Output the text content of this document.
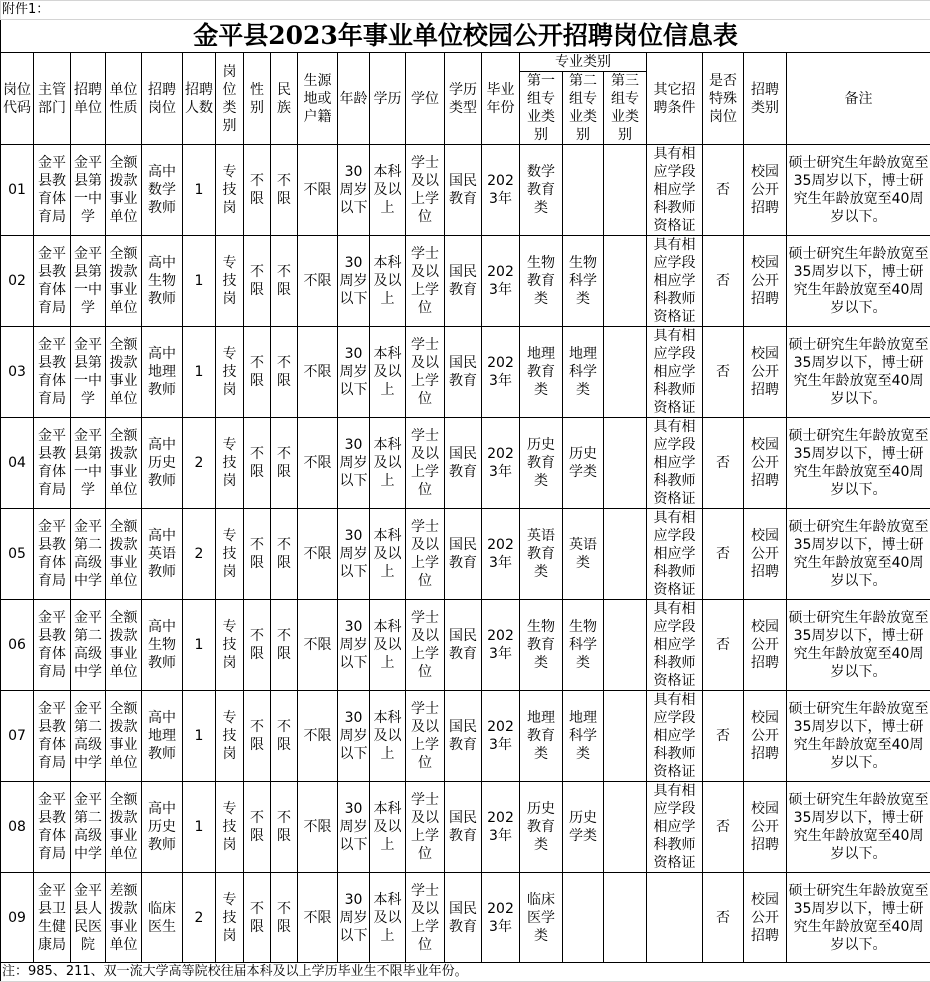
附件1：																					
金平县2023年事业单位校园公开招聘岗位信息表																					
岗位代码	主管部门	招聘单位	单位性质	招聘岗位	招聘人数	岗位类别	性别	民族	生源地或户籍	年龄	学历	学位	学历类型	毕业年份	专业类别			其它招聘条件	是否特殊岗位	招聘类别	备注
															第一组专业类别	第二组专业类别	第三组专业类别				
01	金平县教育体育局	金平县第一中学	全额拨款事业单位	高中数学教师	1	专技岗	不限	不限	不限	30周岁以下	本科及以上	学士及以上学位	国民教育	2023年	数学教育类			具有相应学段相应学科教师资格证	否	校园公开招聘	硕士研究生年龄放宽至35周岁以下，博士研究生年龄放宽至40周岁以下。
02	金平县教育体育局	金平县第一中学	全额拨款事业单位	高中生物教师	1	专技岗	不限	不限	不限	30周岁以下	本科及以上	学士及以上学位	国民教育	2023年	生物教育类	生物科学类		具有相应学段相应学科教师资格证	否	校园公开招聘	硕士研究生年龄放宽至35周岁以下，博士研究生年龄放宽至40周岁以下。
03	金平县教育体育局	金平县第一中学	全额拨款事业单位	高中地理教师	1	专技岗	不限	不限	不限	30周岁以下	本科及以上	学士及以上学位	国民教育	2023年	地理教育类	地理科学类		具有相应学段相应学科教师资格证	否	校园公开招聘	硕士研究生年龄放宽至35周岁以下，博士研究生年龄放宽至40周岁以下。
04	金平县教育体育局	金平县第一中学	全额拨款事业单位	高中历史教师	2	专技岗	不限	不限	不限	30周岁以下	本科及以上	学士及以上学位	国民教育	2023年	历史教育类	历史学类		具有相应学段相应学科教师资格证	否	校园公开招聘	硕士研究生年龄放宽至35周岁以下，博士研究生年龄放宽至40周岁以下。
05	金平县教育体育局	金平第二高级中学	全额拨款事业单位	高中英语教师	2	专技岗	不限	不限	不限	30周岁以下	本科及以上	学士及以上学位	国民教育	2023年	英语教育类	英语类		具有相应学段相应学科教师资格证	否	校园公开招聘	硕士研究生年龄放宽至35周岁以下，博士研究生年龄放宽至40周岁以下。
06	金平县教育体育局	金平第二高级中学	全额拨款事业单位	高中生物教师	1	专技岗	不限	不限	不限	30周岁以下	本科及以上	学士及以上学位	国民教育	2023年	生物教育类	生物科学类		具有相应学段相应学科教师资格证	否	校园公开招聘	硕士研究生年龄放宽至35周岁以下，博士研究生年龄放宽至40周岁以下。
07	金平县教育体育局	金平第二高级中学	全额拨款事业单位	高中地理教师	1	专技岗	不限	不限	不限	30周岁以下	本科及以上	学士及以上学位	国民教育	2023年	地理教育类	地理科学类		具有相应学段相应学科教师资格证	否	校园公开招聘	硕士研究生年龄放宽至35周岁以下，博士研究生年龄放宽至40周岁以下。
08	金平县教育体育局	金平第二高级中学	全额拨款事业单位	高中历史教师	1	专技岗	不限	不限	不限	30周岁以下	本科及以上	学士及以上学位	国民教育	2023年	历史教育类	历史学类		具有相应学段相应学科教师资格证	否	校园公开招聘	硕士研究生年龄放宽至35周岁以下，博士研究生年龄放宽至40周岁以下。
09	金平县卫生健康局	金平县人民医院	差额拨款事业单位	临床医生	2	专技岗	不限	不限	不限	30周岁以下	本科及以上	学士及以上学位	国民教育	2023年	临床医学类				否	校园公开招聘	硕士研究生年龄放宽至35周岁以下，博士研究生年龄放宽至40周岁以下。
注：985、211、双一流大学高等院校往届本科及以上学历毕业生不限毕业年份。																					
